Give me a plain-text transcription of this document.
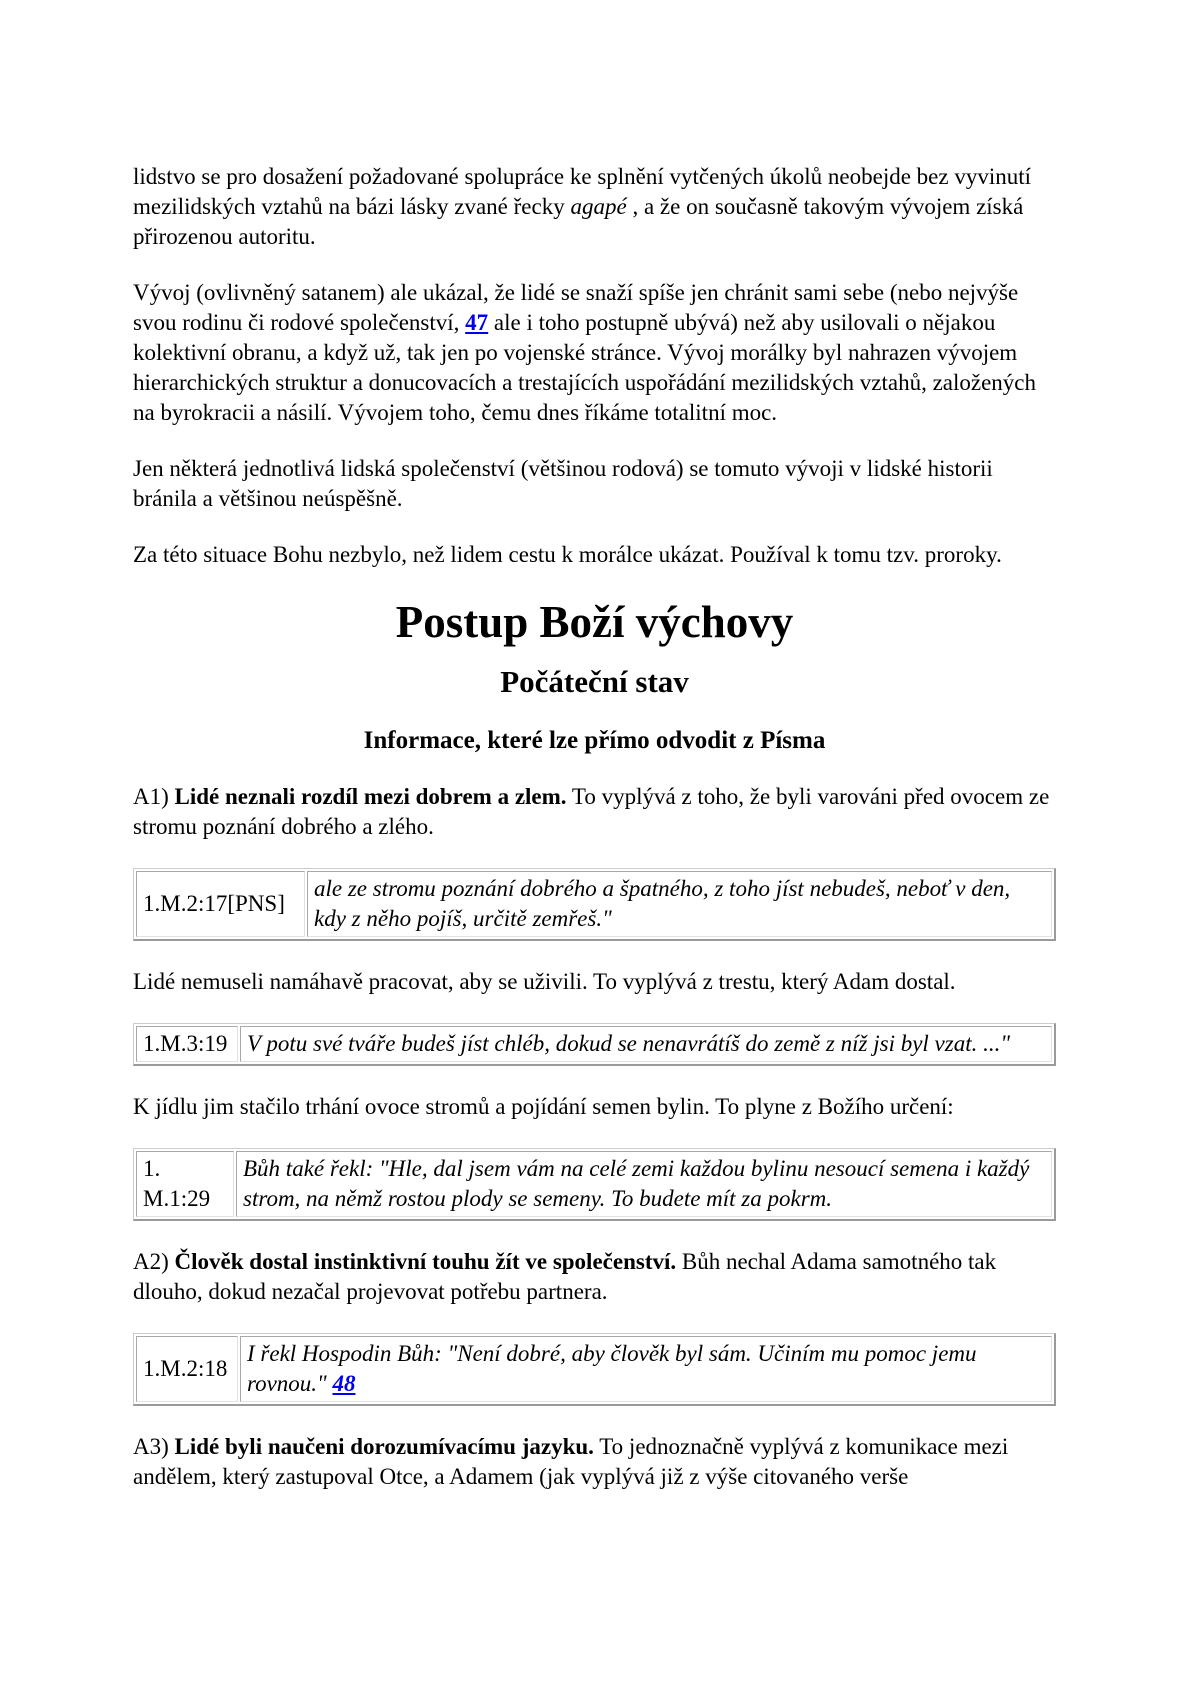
lidstvo se pro dosažení požadované spolupráce ke splnění vytčených úkolů neobejde bez vyvinutí mezilidských vztahů na bázi lásky zvané řecky agapé , a že on současně takovým vývojem získá přirozenou autoritu.

Vývoj (ovlivněný satanem) ale ukázal, že lidé se snaží spíše jen chránit sami sebe (nebo nejvýše svou rodinu či rodové společenství, 47 ale i toho postupně ubývá) než aby usilovali o nějakou kolektivní obranu, a když už, tak jen po vojenské stránce. Vývoj morálky byl nahrazen vývojem hierarchických struktur a donucovacích a trestajících uspořádání mezilidských vztahů, založených na byrokracii a násilí. Vývojem toho, čemu dnes říkáme totalitní moc.

Jen některá jednotlivá lidská společenství (většinou rodová) se tomuto vývoji v lidské historii bránila a většinou neúspěšně.

Za této situace Bohu nezbylo, než lidem cestu k morálce ukázat. Používal k tomu tzv. proroky.

Postup Boží výchovy
Počáteční stav
Informace, které lze přímo odvodit z Písma

A1) Lidé neznali rozdíl mezi dobrem a zlem. To vyplývá z toho, že byli varováni před ovocem ze stromu poznání dobrého a zlého.

1.M.2:17[PNS]	ale ze stromu poznání dobrého a špatného, z toho jíst nebudeš, neboť v den, kdy z něho pojíš, určitě zemřeš."

Lidé nemuseli namáhavě pracovat, aby se uživili. To vyplývá z trestu, který Adam dostal.

1.M.3:19	V potu své tváře budeš jíst chléb, dokud se nenavrátíš do země z níž jsi byl vzat. ..."

K jídlu jim stačilo trhání ovoce stromů a pojídání semen bylin. To plyne z Božího určení:

1. M.1:29	Bůh také řekl: "Hle, dal jsem vám na celé zemi každou bylinu nesoucí semena i každý strom, na němž rostou plody se semeny. To budete mít za pokrm.

A2) Člověk dostal instinktivní touhu žít ve společenství. Bůh nechal Adama samotného tak dlouho, dokud nezačal projevovat potřebu partnera.

1.M.2:18	I řekl Hospodin Bůh: "Není dobré, aby člověk byl sám. Učiním mu pomoc jemu rovnou." 48

A3) Lidé byli naučeni dorozumívacímu jazyku. To jednoznačně vyplývá z komunikace mezi andělem, který zastupoval Otce, a Adamem (jak vyplývá již z výše citovaného verše
